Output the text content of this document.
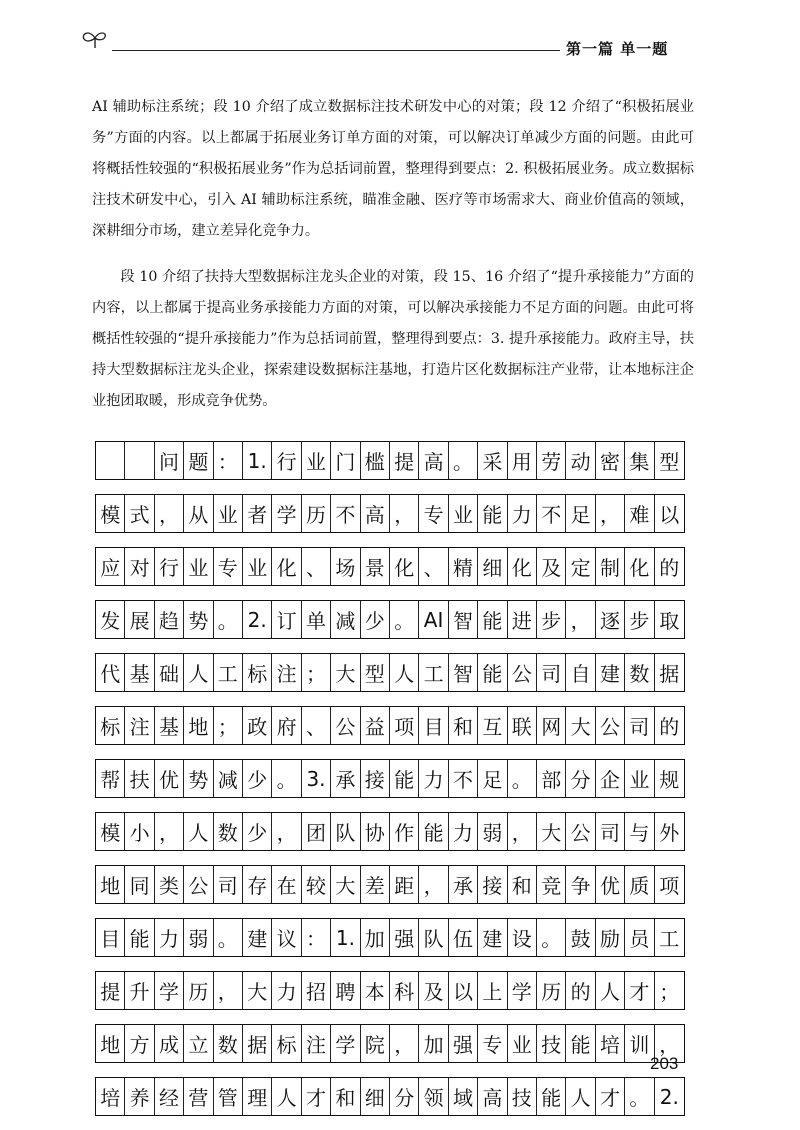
第一篇 单一题

AI 辅助标注系统；段 10 介绍了成立数据标注技术研发中心的对策；段 12 介绍了“积极拓展业务”方面的内容。以上都属于拓展业务订单方面的对策，可以解决订单减少方面的问题。由此可将概括性较强的“积极拓展业务”作为总括词前置，整理得到要点：2. 积极拓展业务。成立数据标注技术研发中心，引入 AI 辅助标注系统，瞄准金融、医疗等市场需求大、商业价值高的领域，深耕细分市场，建立差异化竞争力。

段 10 介绍了扶持大型数据标注龙头企业的对策，段 15、16 介绍了“提升承接能力”方面的内容，以上都属于提高业务承接能力方面的对策，可以解决承接能力不足方面的问题。由此可将概括性较强的“提升承接能力”作为总括词前置，整理得到要点：3. 提升承接能力。政府主导，扶持大型数据标注龙头企业，探索建设数据标注基地，打造片区化数据标注产业带，让本地标注企业抱团取暖，形成竞争优势。

问 题 ： 1. 行 业 门 槛 提 高 。 采 用 劳 动 密 集 型
模 式 ， 从 业 者 学 历 不 高 ， 专 业 能 力 不 足 ， 难 以
应 对 行 业 专 业 化 、 场 景 化 、 精 细 化 及 定 制 化 的
发 展 趋 势 。 2. 订 单 减 少 。 AI 智 能 进 步 ， 逐 步 取
代 基 础 人 工 标 注 ； 大 型 人 工 智 能 公 司 自 建 数 据
标 注 基 地 ； 政 府 、 公 益 项 目 和 互 联 网 大 公 司 的
帮 扶 优 势 减 少 。 3. 承 接 能 力 不 足 。 部 分 企 业 规
模 小 ， 人 数 少 ， 团 队 协 作 能 力 弱 ， 大 公 司 与 外
地 同 类 公 司 存 在 较 大 差 距 ， 承 接 和 竞 争 优 质 项
目 能 力 弱 。 建 议 ： 1. 加 强 队 伍 建 设 。 鼓 励 员 工
提 升 学 历 ， 大 力 招 聘 本 科 及 以 上 学 历 的 人 才 ；
地 方 成 立 数 据 标 注 学 院 ， 加 强 专 业 技 能 培 训 ，
培 养 经 营 管 理 人 才 和 细 分 领 域 高 技 能 人 才 。 2.
203
